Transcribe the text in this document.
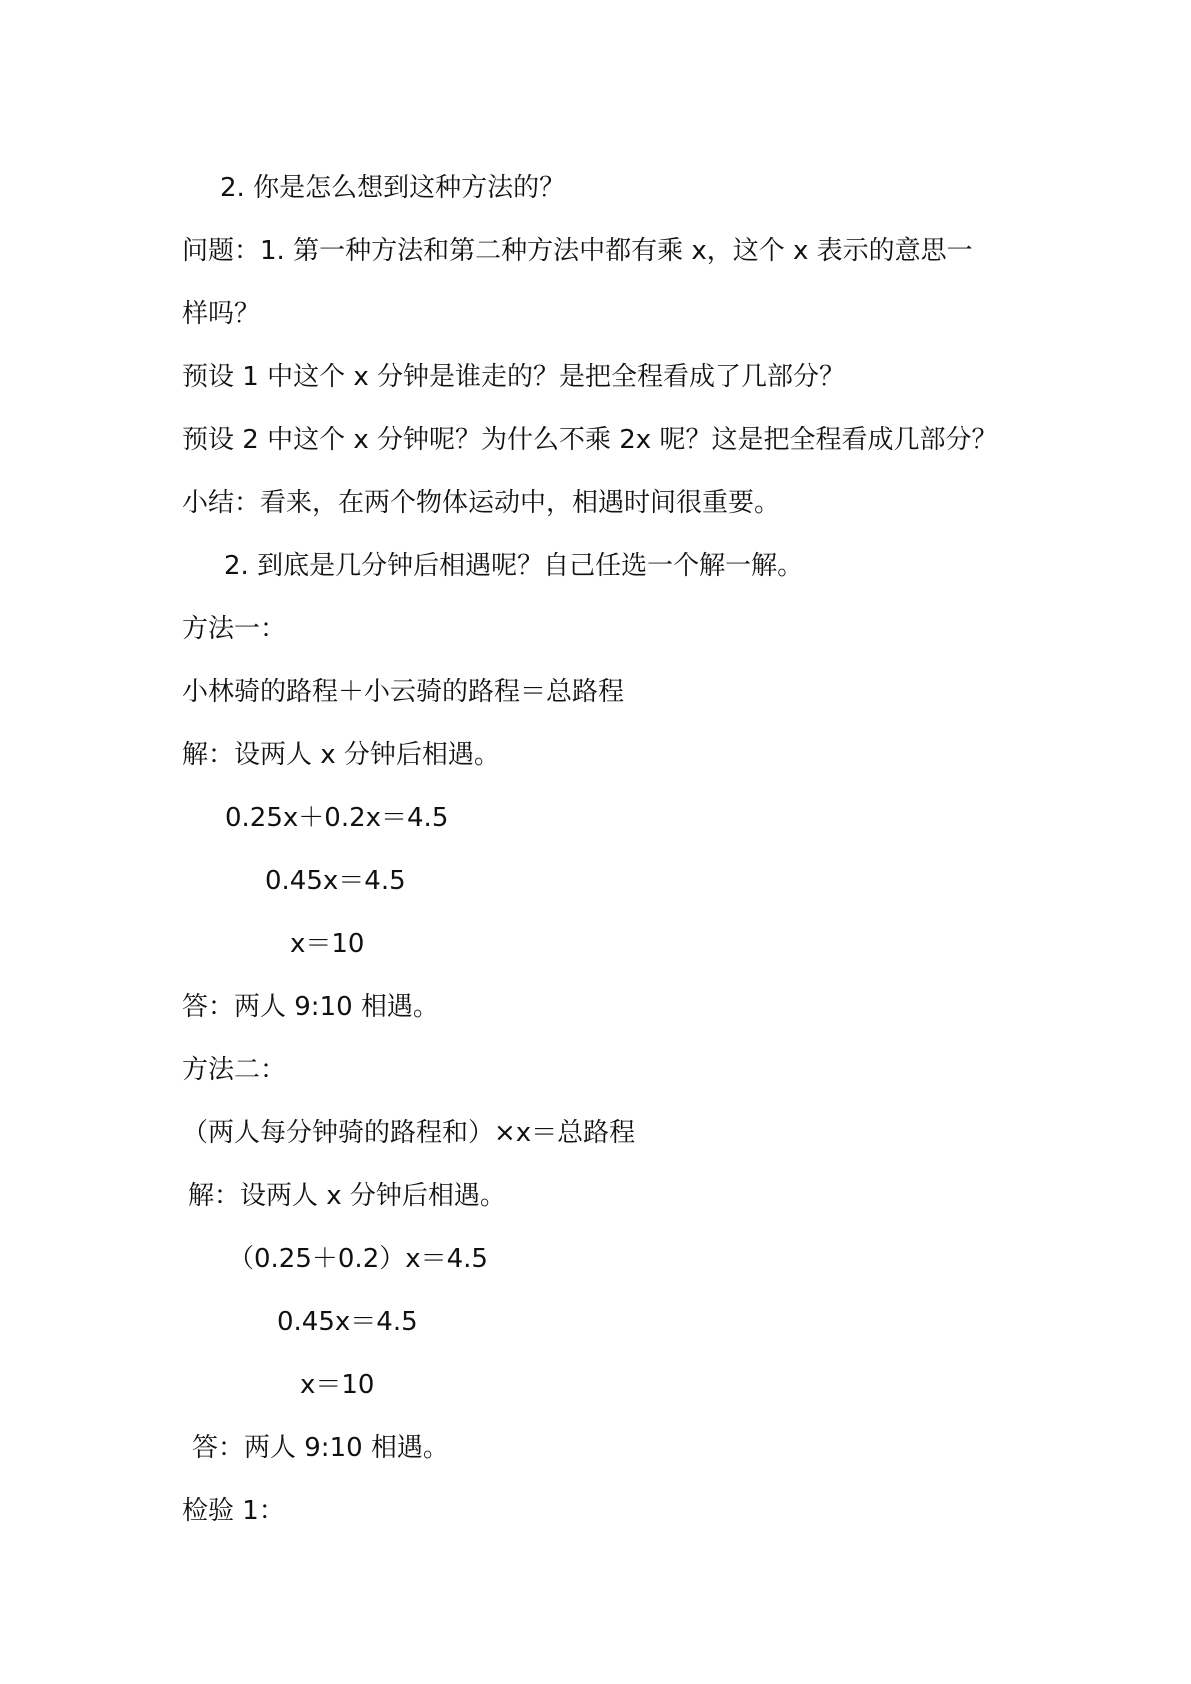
2. 你是怎么想到这种方法的？
问题：1. 第一种方法和第二种方法中都有乘 x，这个 x 表示的意思一
样吗？
预设 1 中这个 x 分钟是谁走的？是把全程看成了几部分？
预设 2 中这个 x 分钟呢？为什么不乘 2x 呢？这是把全程看成几部分？
小结：看来，在两个物体运动中，相遇时间很重要。
2. 到底是几分钟后相遇呢？自己任选一个解一解。
方法一：
小林骑的路程＋小云骑的路程＝总路程
解：设两人 x 分钟后相遇。
0.25x＋0.2x＝4.5
0.45x＝4.5
x＝10
答：两人 9:10 相遇。
方法二：
（两人每分钟骑的路程和）×x＝总路程
解：设两人 x 分钟后相遇。
（0.25＋0.2）x＝4.5
0.45x＝4.5
x＝10
答：两人 9:10 相遇。
检验 1：
